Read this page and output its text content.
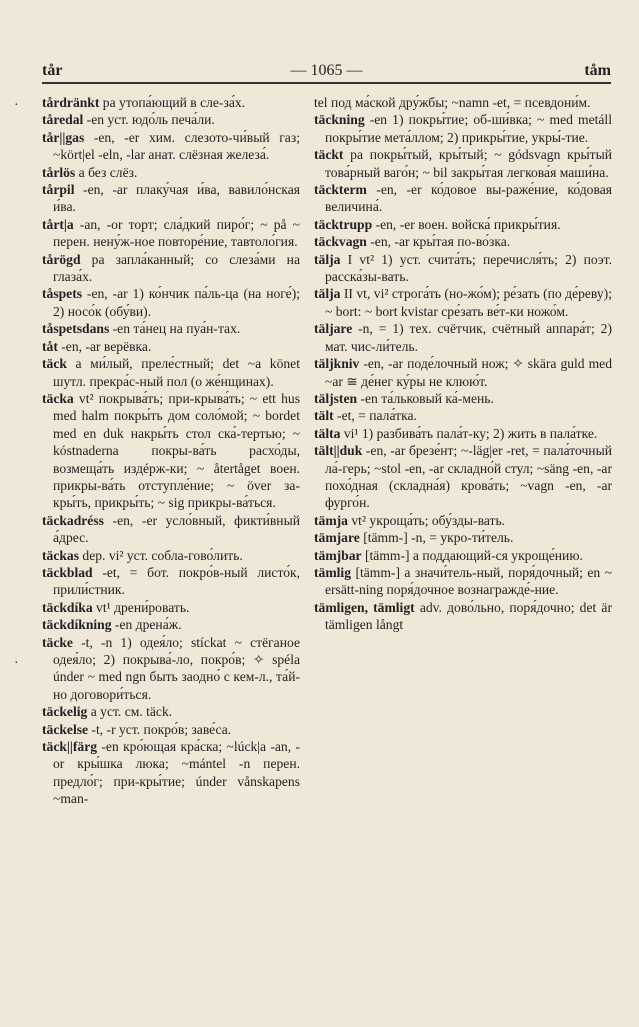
tår	— 1065 —	tåm
·
·

tårdränkt pa утопа́ющий в сле-за́х.

tåredal -en уст. юдо́ль печа́ли.

tår||gas -en, -er хим. слезото-чи́вый газ; ~kört|el -eln, -lar анат. слёзная железа́.

tårlös a без слёз.

tårpil -en, -ar плаку́чая и́ва, вавило́нская и́ва.

tårt|a -an, -or торт; сла́дкий пиро́г; ~ på ~ перен. нену́ж-ное повторе́ние, тавтоло́гия.

tårögd pa запла́канный; со слеза́ми на глаза́х.

tåspets -en, -ar 1) ко́нчик па́ль-ца (на ноге́); 2) носо́к (обу́ви).

tåspetsdans -en та́нец на пуа́н-тах.

tåt -en, -ar верёвка.

täck a ми́лый, преле́стный; det ~a könet шутл. прекра́с-ный пол (о же́нщинах).

täcka vt² покрыва́ть; при-крыва́ть; ~ ett hus med halm покры́ть дом соло́мой; ~ bordet med en duk накры́ть стол ска́-тертью; ~ kóstnaderna покры-ва́ть расхо́ды, возмеща́ть издéрж-ки; ~ återtåget воен. прикры-ва́ть отступле́ние; ~ över за-кры́ть, прикры́ть; ~ sig прикры-ва́ться.

täckadréss -en, -er усло́вный, фикти́вный а́дрес.

täckas dep. vi² уст. собла-гово́лить.

täckblad -et, = бот. покро́в-ный листо́к, прили́стник.

täckdíka vt¹ дрени́ровать.

täckdíkning -en дрена́ж.

täcke -t, -n 1) одея́ло; stíckat ~ стёганое одея́ло; 2) покрыва́-ло, покро́в; ✧ spéla únder ~ med ngn быть заодно́ с кем-л., та́й-но договори́ться.

täckelig a уст. см. täck.

täckelse -t, -r уст. покро́в; заве́са.

täck||färg -en кро́ющая кра́ска; ~lúck|a -an, -or кры́шка люка; ~mántel -n перен. предло́г; при-кры́тие; únder vånskapens ~man-

tel под ма́ской дру́жбы; ~namn -et, = псевдони́м.

täckning -en 1) покры́тие; об-ши́вка; ~ med metáll покры́тие мета́ллом; 2) прикры́тие, укры́-тие.

täckt pa покры́тый, кры́тый; ~ gódsvagn кры́тый това́рный ваго́н; ~ bil закры́тая легкова́я маши́на.

täckterm -en, -er ко́довое вы-раже́ние, ко́довая величина́.

täcktrupp -en, -er воен. войска́ прикры́тия.

täckvagn -en, -ar кры́тая по-во́зка.

tälja I vt² 1) уст. счита́ть; перечисля́ть; 2) поэт. расска́зы-вать.

tälja II vt, vi² строга́ть (но-жо́м); ре́зать (по де́реву); ~ bort: ~ bort kvistar сре́зать ве́т-ки ножо́м.

täljare -n, = 1) тех. счётчик, счётный аппара́т; 2) мат. чис-ли́тель.

täljkniv -en, -ar поде́лочный нож; ✧ skära guld med ~ar ≅ де́нег ку́ры не клюю́т.

täljsten -en та́льковый ка́-мень.

tält -et, = пала́тка.

tälta vi¹ 1) разбива́ть пала́т-ку; 2) жить в пала́тке.

tält||duk -en, -ar брезе́нт; ~-läg|er -ret, = пала́точный ла́-герь; ~stol -en, -ar складно́й стул; ~säng -en, -ar похо́дная (складна́я) крова́ть; ~vagn -en, -ar фурго́н.

tämja vt² укроща́ть; обу́зды-вать.

tämjare [tämm-] -n, = укро-ти́тель.

tämjbar [tämm-] a поддающий-ся укроще́нию.

tämlig [tämm-] a значи́тель-ный, поря́дочный; en ~ ersätt-ning поря́дочное вознагражде́-ние.

tämligen, tämligt adv. дово́льно, поря́дочно; det är tämligen långt
